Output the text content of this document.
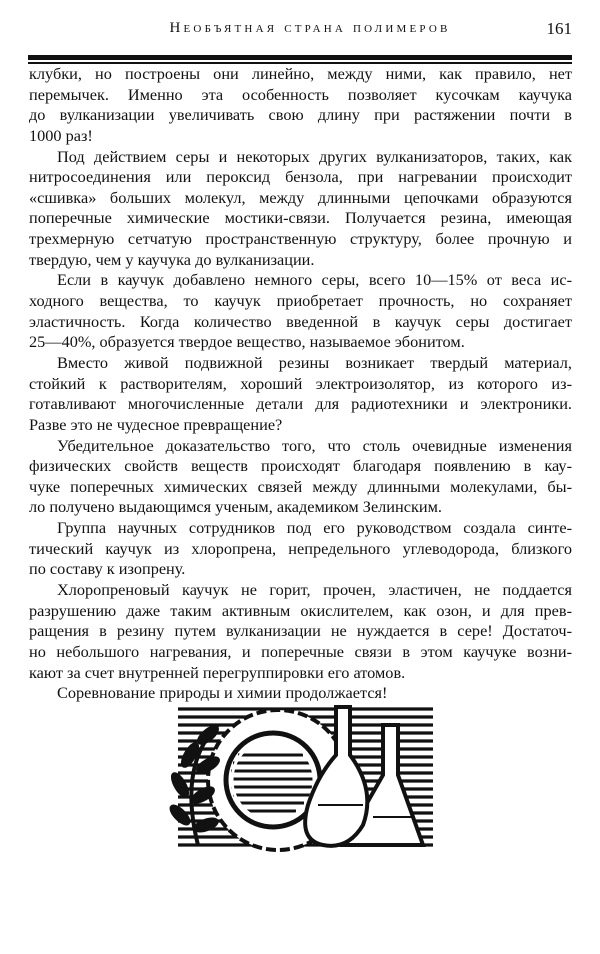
Необъятная страна полимеров	161
клубки, но построены они линейно, между ними, как правило, нет
перемычек. Именно эта особенность позволяет кусочкам каучука
до вулканизации увеличивать свою длину при растяжении почти в
1000 раз!
Под действием серы и некоторых других вулканизаторов, таких, как
нитросоединения или пероксид бензола, при нагревании происходит
«сшивка» больших молекул, между длинными цепочками образуются
поперечные химические мостики-связи. Получается резина, имеющая
трехмерную сетчатую пространственную структуру, более прочную и
твердую, чем у каучука до вулканизации.
Если в каучук добавлено немного серы, всего 10—15% от веса ис-
ходного вещества, то каучук приобретает прочность, но сохраняет
эластичность. Когда количество введенной в каучук серы достигает
25—40%, образуется твердое вещество, называемое эбонитом.
Вместо живой подвижной резины возникает твердый материал,
стойкий к растворителям, хороший электроизолятор, из которого из-
готавливают многочисленные детали для радиотехники и электроники.
Разве это не чудесное превращение?
Убедительное доказательство того, что столь очевидные изменения
физических свойств веществ происходят благодаря появлению в кау-
чуке поперечных химических связей между длинными молекулами, бы-
ло получено выдающимся ученым, академиком Зелинским.
Группа научных сотрудников под его руководством создала синте-
тический каучук из хлоропрена, непредельного углеводорода, близкого
по составу к изопрену.
Хлоропреновый каучук не горит, прочен, эластичен, не поддается
разрушению даже таким активным окислителем, как озон, и для прев-
ращения в резину путем вулканизации не нуждается в сере! Достаточ-
но небольшого нагревания, и поперечные связи в этом каучуке возни-
кают за счет внутренней перегруппировки его атомов.
Соревнование природы и химии продолжается!
